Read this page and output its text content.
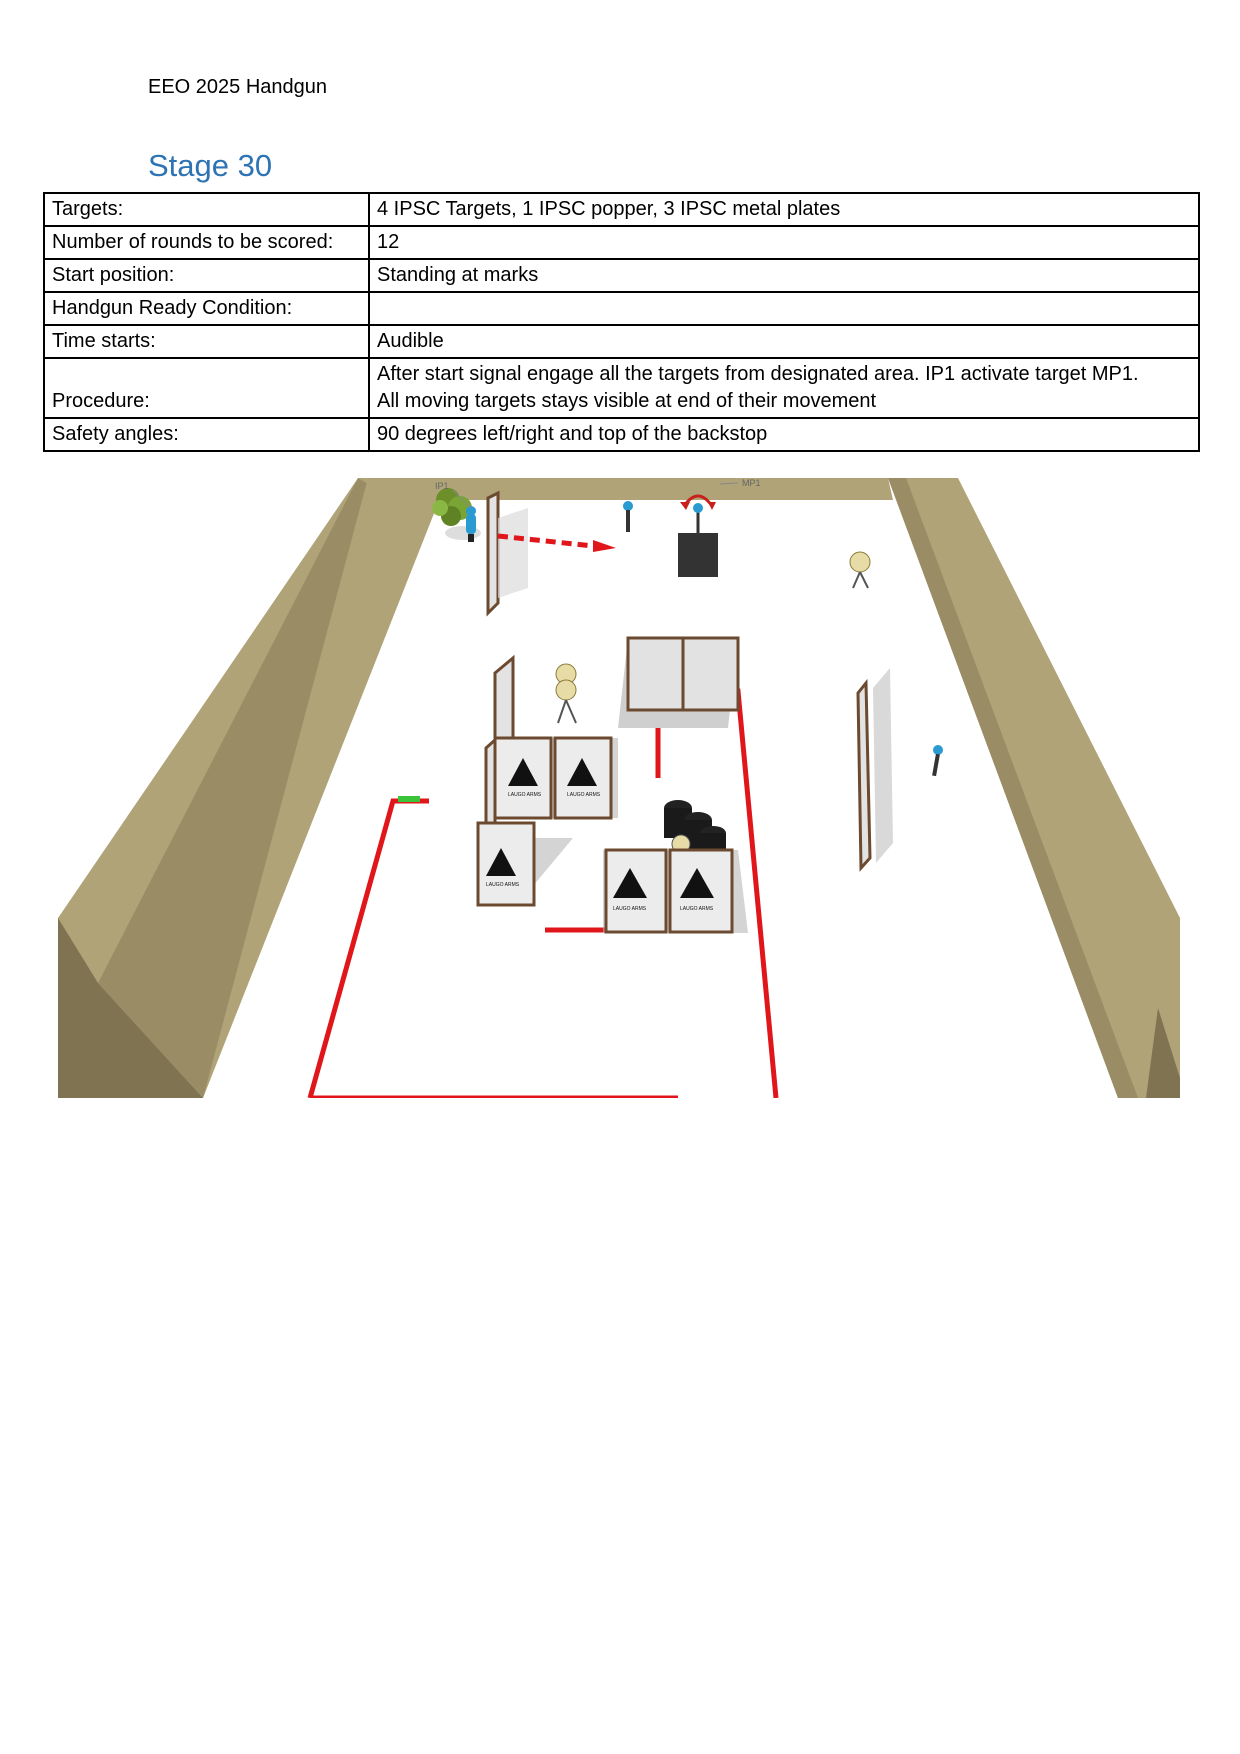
EEO 2025 Handgun
Stage 30
Targets:	4 IPSC Targets, 1 IPSC popper, 3 IPSC metal plates
Number of rounds to be scored:	12
Start position:	Standing at marks
Handgun Ready Condition:	
Time starts:	Audible
Procedure:	After start signal engage all the targets from designated area. IP1 activate target MP1.
All moving targets stays visible at end of their movement
Safety angles:	90 degrees left/right and top of the backstop
IP1	MP1
LAUGO ARMS	LAUGO ARMS
LAUGO ARMS
LAUGO ARMS	LAUGO ARMS
